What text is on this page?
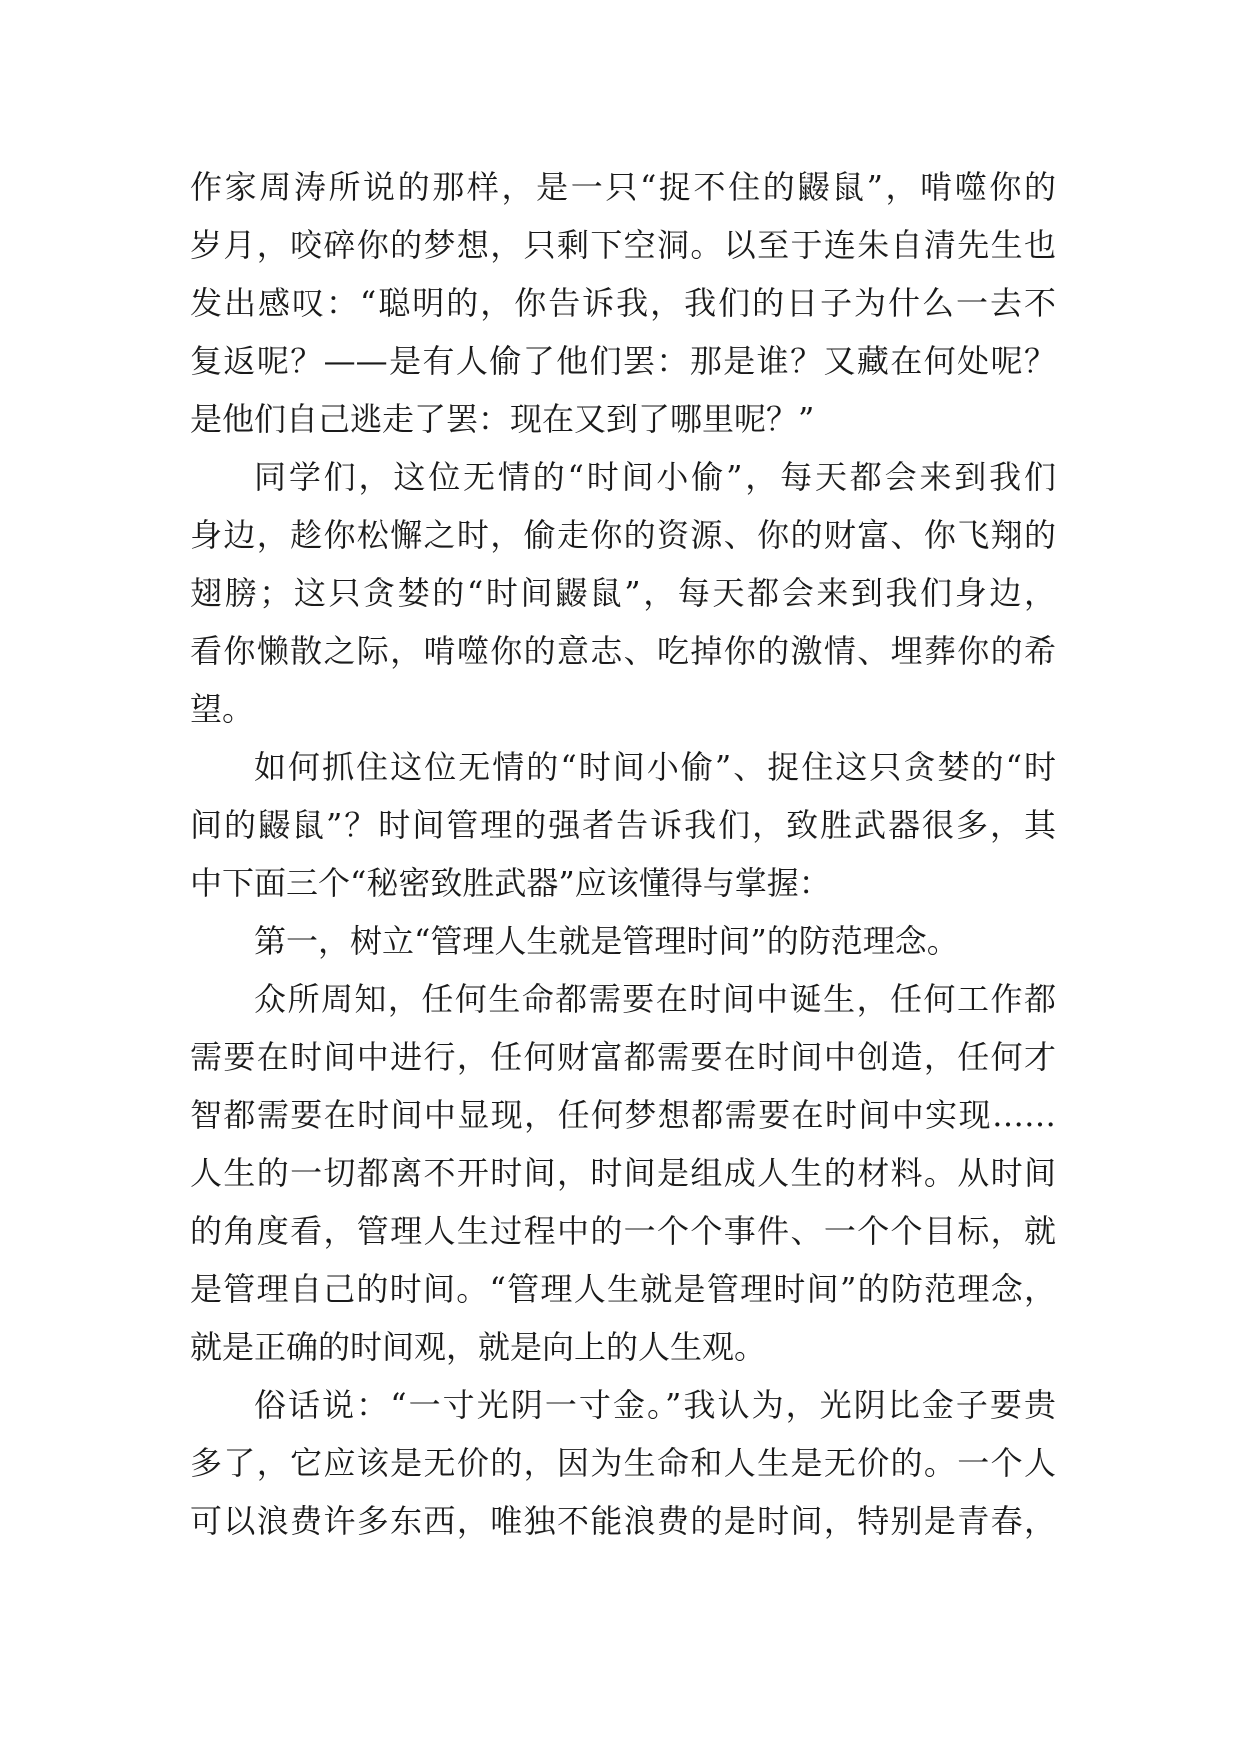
作家周涛所说的那样，是一只“捉不住的鼹鼠”，啃噬你的
岁月，咬碎你的梦想，只剩下空洞。以至于连朱自清先生也
发出感叹：“聪明的，你告诉我，我们的日子为什么一去不
复返呢？——是有人偷了他们罢：那是谁？又藏在何处呢？
是他们自己逃走了罢：现在又到了哪里呢？”
同学们，这位无情的“时间小偷”，每天都会来到我们
身边，趁你松懈之时，偷走你的资源、你的财富、你飞翔的
翅膀；这只贪婪的“时间鼹鼠”，每天都会来到我们身边，
看你懒散之际，啃噬你的意志、吃掉你的激情、埋葬你的希
望。
如何抓住这位无情的“时间小偷”、捉住这只贪婪的“时
间的鼹鼠”？时间管理的强者告诉我们，致胜武器很多，其
中下面三个“秘密致胜武器”应该懂得与掌握：
第一，树立“管理人生就是管理时间”的防范理念。
众所周知，任何生命都需要在时间中诞生，任何工作都
需要在时间中进行，任何财富都需要在时间中创造，任何才
智都需要在时间中显现，任何梦想都需要在时间中实现……
人生的一切都离不开时间，时间是组成人生的材料。从时间
的角度看，管理人生过程中的一个个事件、一个个目标，就
是管理自己的时间。“管理人生就是管理时间”的防范理念，
就是正确的时间观，就是向上的人生观。
俗话说：“一寸光阴一寸金。”我认为，光阴比金子要贵
多了，它应该是无价的，因为生命和人生是无价的。一个人
可以浪费许多东西，唯独不能浪费的是时间，特别是青春，
